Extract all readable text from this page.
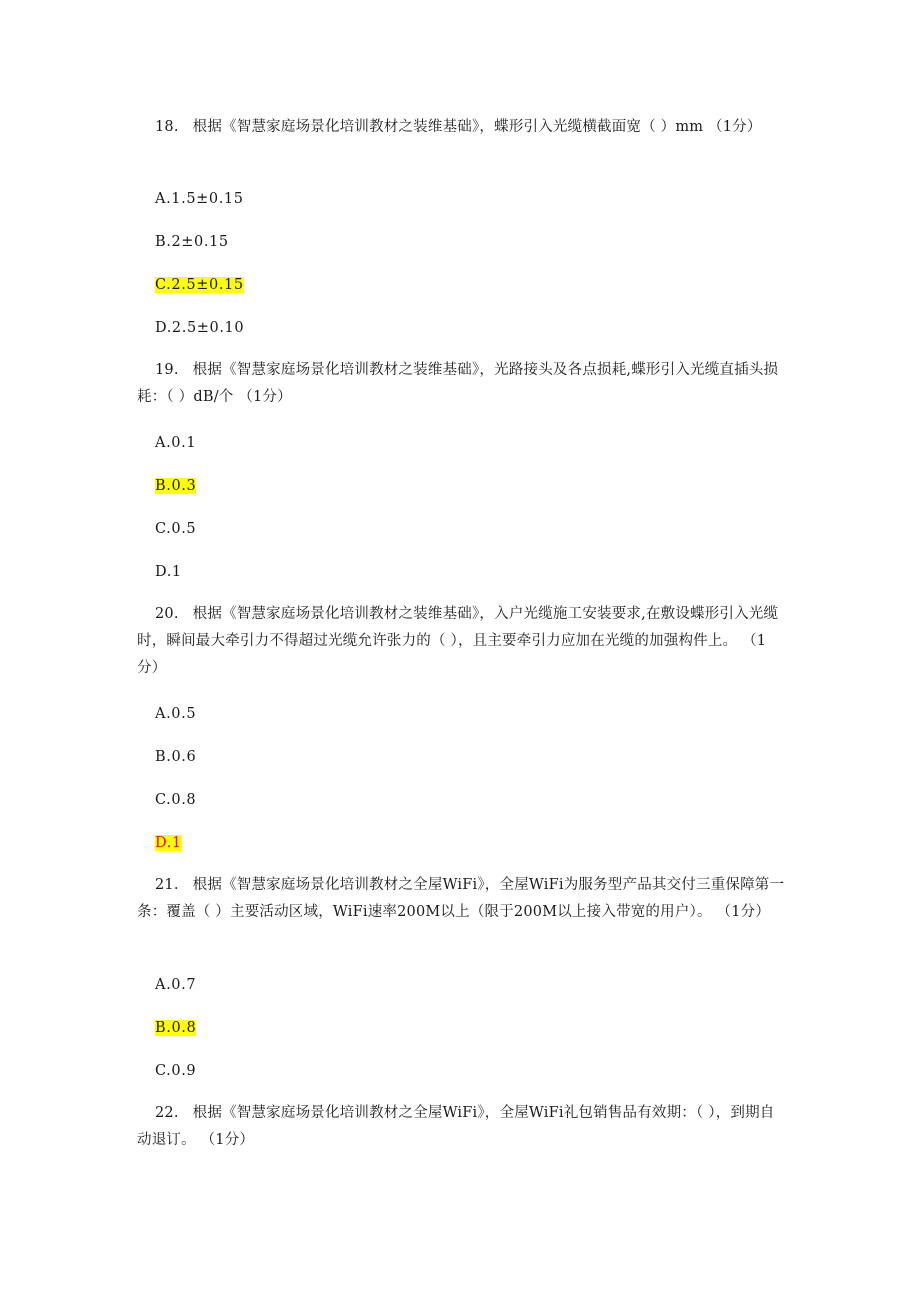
18. 根据《智慧家庭场景化培训教材之装维基础》，蝶形引入光缆横截面宽（ ）mm （1分）
A.1.5±0.15
B.2±0.15
C.2.5±0.15
D.2.5±0.10
19. 根据《智慧家庭场景化培训教材之装维基础》，光路接头及各点损耗,蝶形引入光缆直插头损耗：（ ）dB/个 （1分）
A.0.1
B.0.3
C.0.5
D.1
20. 根据《智慧家庭场景化培训教材之装维基础》，入户光缆施工安装要求,在敷设蝶形引入光缆时，瞬间最大牵引力不得超过光缆允许张力的（ ），且主要牵引力应加在光缆的加强构件上。 （1分）
A.0.5
B.0.6
C.0.8
D.1
21. 根据《智慧家庭场景化培训教材之全屋WiFi》，全屋WiFi为服务型产品其交付三重保障第一条：覆盖（ ）主要活动区域，WiFi速率200M以上（限于200M以上接入带宽的用户）。 （1分）
A.0.7
B.0.8
C.0.9
22. 根据《智慧家庭场景化培训教材之全屋WiFi》，全屋WiFi礼包销售品有效期：（ ），到期自动退订。 （1分）
